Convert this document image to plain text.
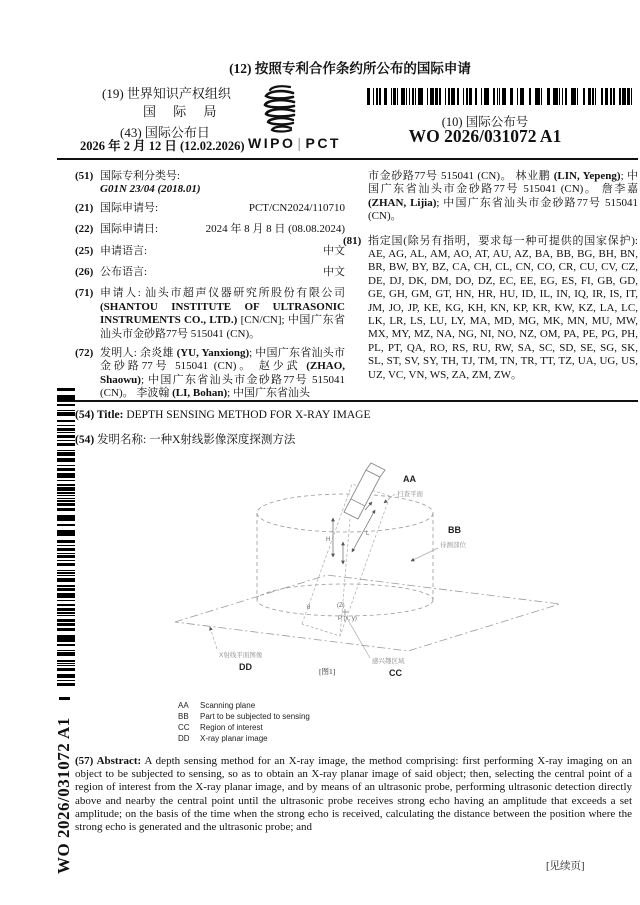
(12) 按照专利合作条约所公布的国际申请
(19) 世界知识产权组织
国 际 局
(43) 国际公布日
2026 年 2 月 12 日 (12.02.2026) WIPO | PCT
(10) 国际公布号
WO 2026/031072 A1
(51) 国际专利分类号:
G01N 23/04 (2018.01)
(21) 国际申请号:	PCT/CN2024/110710
(22) 国际申请日:	2024 年 8 月 8 日 (08.08.2024)
(25) 申请语言:	中文
(26) 公布语言:	中文
(71) 申请人: 汕头市超声仪器研究所股份有限公司 (SHANTOU INSTITUTE OF ULTRASONIC INSTRUMENTS CO., LTD.) [CN/CN]; 中国广东省汕头市金砂路77号 515041 (CN)。
(72) 发明人: 余炎雄 (YU, Yanxiong); 中国广东省汕头市金砂路77号 515041 (CN)。 赵少武 (ZHAO, Shaowu); 中国广东省汕头市金砂路77号 515041 (CN)。 李波翰 (LI, Bohan); 中国广东省汕头
市金砂路77号 515041 (CN)。 林业鹏 (LIN, Yepeng); 中国广东省汕头市金砂路77号 515041 (CN)。 詹李嘉 (ZHAN, Lijia); 中国广东省汕头市金砂路77号 515041 (CN)。
(81) 指定国(除另有指明，要求每一种可提供的国家保护): AE, AG, AL, AM, AO, AT, AU, AZ, BA, BB, BG, BH, BN, BR, BW, BY, BZ, CA, CH, CL, CN, CO, CR, CU, CV, CZ, DE, DJ, DK, DM, DO, DZ, EC, EE, EG, ES, FI, GB, GD, GE, GH, GM, GT, HN, HR, HU, ID, IL, IN, IQ, IR, IS, IT, JM, JO, JP, KE, KG, KH, KN, KP, KR, KW, KZ, LA, LC, LK, LR, LS, LU, LY, MA, MD, MG, MK, MN, MU, MW, MX, MY, MZ, NA, NG, NI, NO, NZ, OM, PA, PE, PG, PH, PL, PT, QA, RO, RS, RU, RW, SA, SC, SD, SE, SG, SK, SL, ST, SV, SY, TH, TJ, TM, TN, TR, TT, TZ, UA, UG, US, UZ, VC, VN, WS, ZA, ZM, ZW。
(54) Title: DEPTH SENSING METHOD FOR X-RAY IMAGE
(54) 发明名称: 一种X射线影像深度探测方法
H
L
θ	(Z)
P (x, y)
AA
扫查平面
BB
待测部位
感兴趣区域
CC
X射线平面图像
DD	[图1]
AA	Scanning plane
BB	Part to be subjected to sensing
CC	Region of interest
DD	X-ray planar image
(57) Abstract: A depth sensing method for an X-ray image, the method comprising: first performing X-ray imaging on an object to be subjected to sensing, so as to obtain an X-ray planar image of said object; then, selecting the central point of a region of interest from the X-ray planar image, and by means of an ultrasonic probe, performing ultrasonic detection directly above and nearby the central point until the ultrasonic probe receives strong echo having an amplitude that exceeds a set amplitude; on the basis of the time when the strong echo is received, calculating the distance between the position where the strong echo is generated and the ultrasonic probe; and
WO 2026/031072 A1	[见续页]
